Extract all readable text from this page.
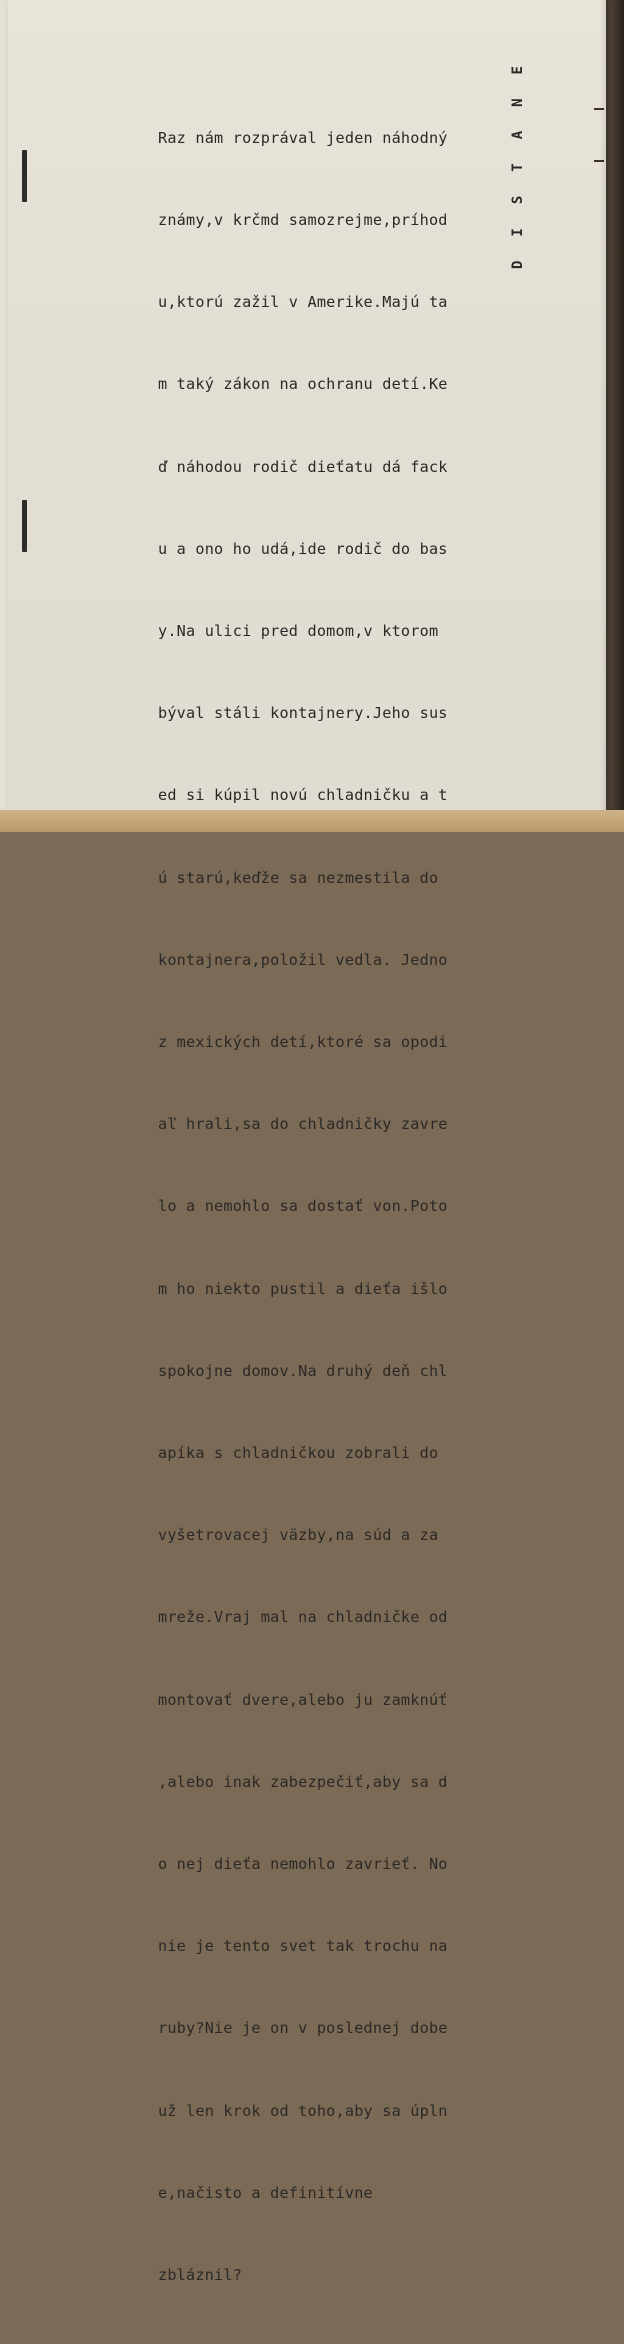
Raz nám rozprával jeden náhodný

známy,v krčmd samozrejme,príhod

u,ktorú zažil v Amerike.Majú ta

m taký zákon na ochranu detí.Ke

ď náhodou rodič dieťatu dá fack

u a ono ho udá,ide rodič do bas

y.Na ulici pred domom,v ktorom

býval stáli kontajnery.Jeho sus

ed si kúpil novú chladničku a t

ú starú,keďže sa nezmestila do

kontajnera,položil vedla. Jedno

z mexických detí,ktoré sa opodi

aľ hrali,sa do chladničky zavre

lo a nemohlo sa dostať von.Poto

m ho niekto pustil a dieťa išlo

spokojne domov.Na druhý deň chl

apíka s chladničkou zobrali do

vyšetrovacej väzby,na súd a za

mreže.Vraj mal na chladničke od

montovať dvere,alebo ju zamknúť

,alebo inak zabezpečiť,aby sa d

o nej dieťa nemohlo zavrieť. No

nie je tento svet tak trochu na

ruby?Nie je on v poslednej dobe

už len krok od toho,aby sa úpln

e,načisto a definitívne

zbláznil?

DISTANE
